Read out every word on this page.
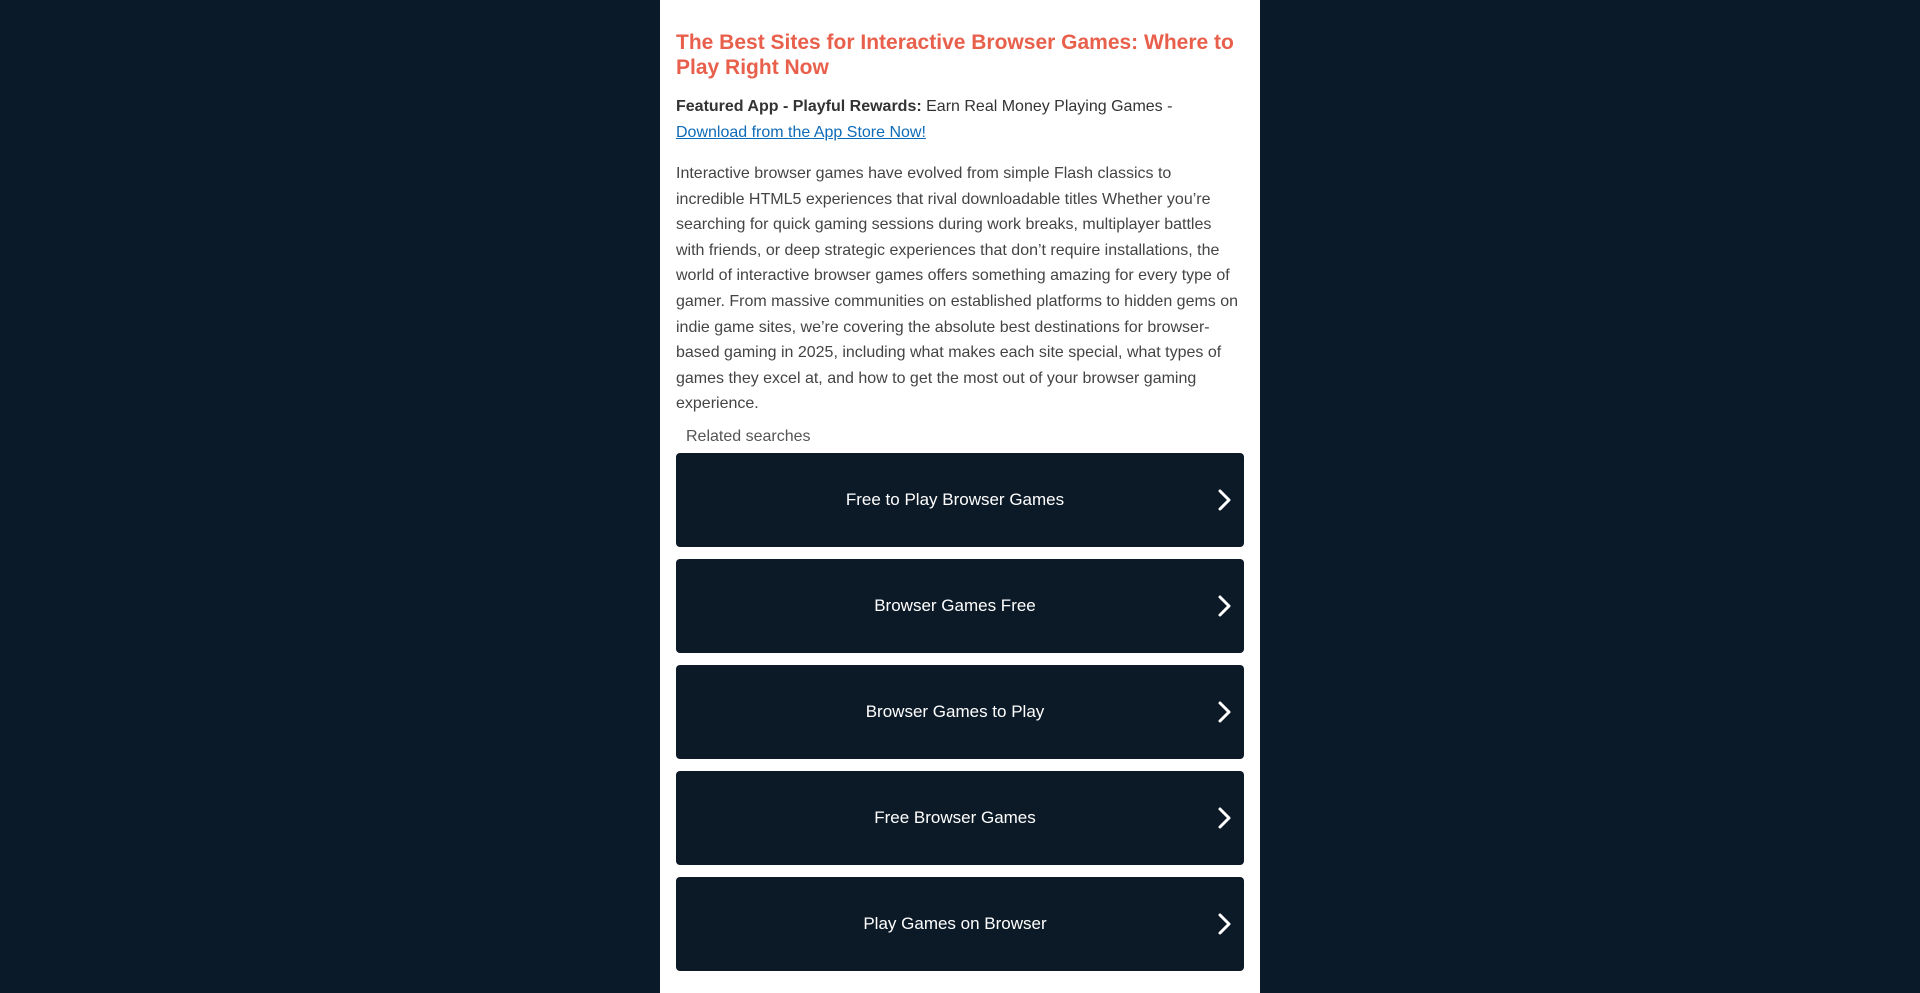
The Best Sites for Interactive Browser Games: Where to Play Right Now

Featured App - Playful Rewards: Earn Real Money Playing Games - Download from the App Store Now!

Interactive browser games have evolved from simple Flash classics to incredible HTML5 experiences that rival downloadable titles Whether you’re searching for quick gaming sessions during work breaks, multiplayer battles with friends, or deep strategic experiences that don’t require installations, the world of interactive browser games offers something amazing for every type of gamer. From massive communities on established platforms to hidden gems on indie game sites, we’re covering the absolute best destinations for browser-based gaming in 2025, including what makes each site special, what types of games they excel at, and how to get the most out of your browser gaming experience.

Related searches
Free to Play Browser Games
Browser Games Free
Browser Games to Play
Free Browser Games
Play Games on Browser
